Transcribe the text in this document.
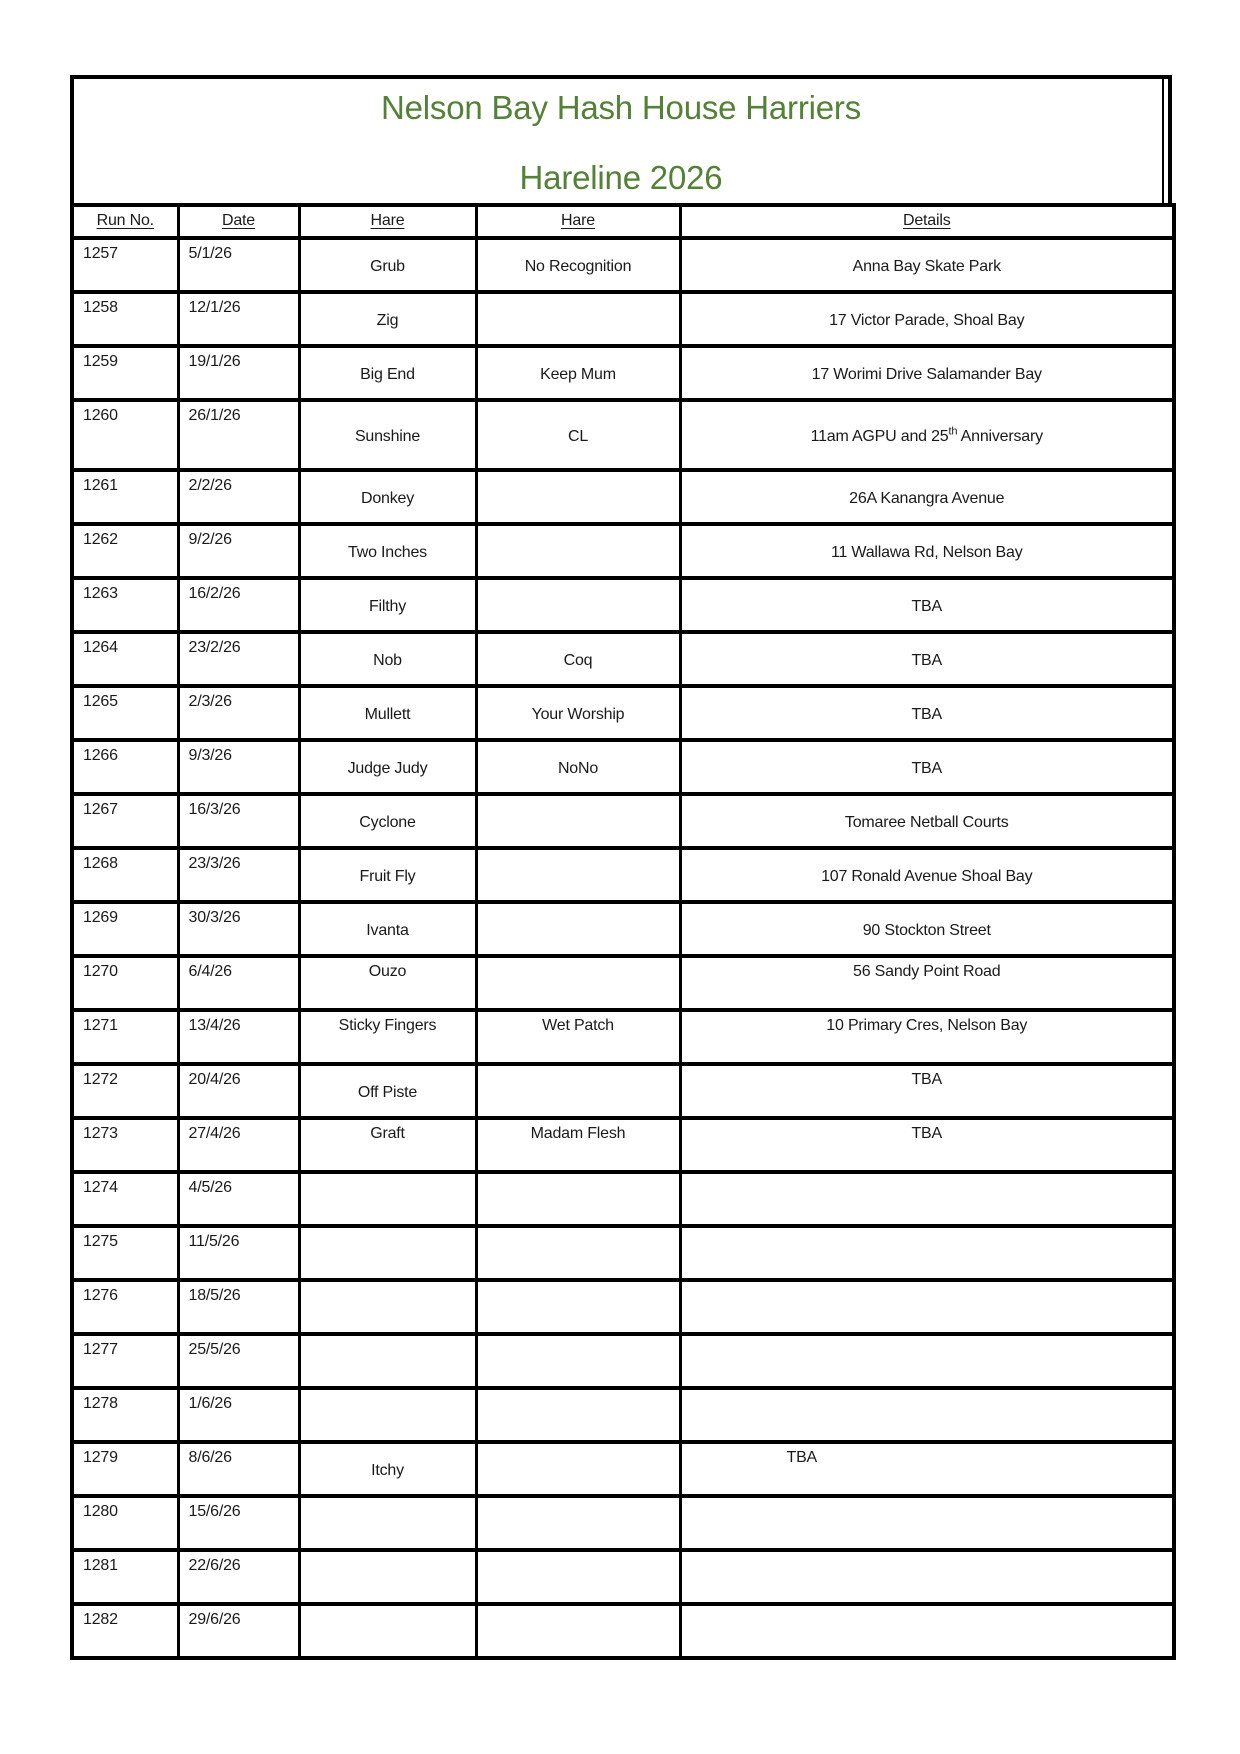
Nelson Bay Hash House Harriers
Hareline 2026
Run No.	Date	Hare	Hare	Details
1257	5/1/26	Grub	No Recognition	Anna Bay Skate Park
1258	12/1/26	Zig		17 Victor Parade, Shoal Bay
1259	19/1/26	Big End	Keep Mum	17 Worimi Drive Salamander Bay
1260	26/1/26	Sunshine	CL	11am AGPU and 25th Anniversary
1261	2/2/26	Donkey		26A Kanangra Avenue
1262	9/2/26	Two Inches		11 Wallawa Rd, Nelson Bay
1263	16/2/26	Filthy		TBA
1264	23/2/26	Nob	Coq	TBA
1265	2/3/26	Mullett	Your Worship	TBA
1266	9/3/26	Judge Judy	NoNo	TBA
1267	16/3/26	Cyclone		Tomaree Netball Courts
1268	23/3/26	Fruit Fly		107 Ronald Avenue Shoal Bay
1269	30/3/26	Ivanta		90 Stockton Street
1270	6/4/26	Ouzo		56 Sandy Point Road
1271	13/4/26	Sticky Fingers	Wet Patch	10 Primary Cres, Nelson Bay
1272	20/4/26	Off Piste		TBA
1273	27/4/26	Graft	Madam Flesh	TBA
1274	4/5/26			
1275	11/5/26			
1276	18/5/26			
1277	25/5/26			
1278	1/6/26			
1279	8/6/26	Itchy		TBA
1280	15/6/26			
1281	22/6/26			
1282	29/6/26			
